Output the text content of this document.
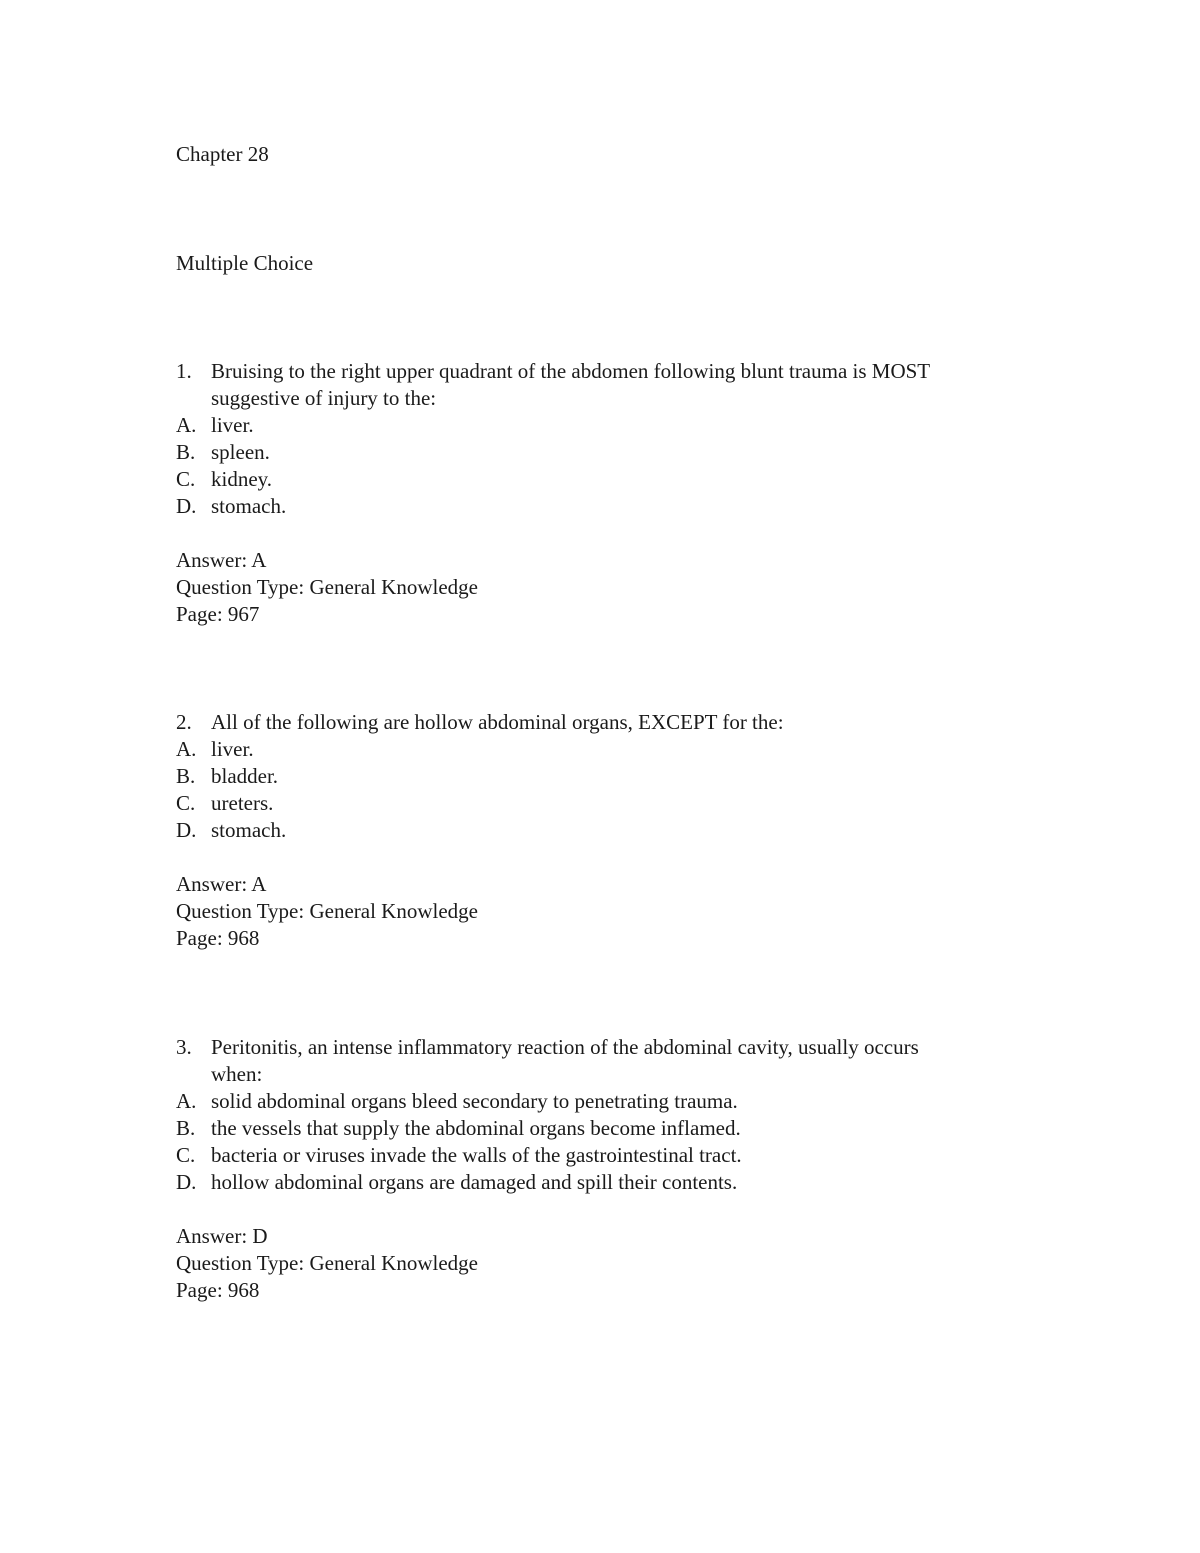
Chapter 28
Multiple Choice
1. Bruising to the right upper quadrant of the abdomen following blunt trauma is MOST
suggestive of injury to the:
A. liver.
B. spleen.
C. kidney.
D. stomach.
Answer: A
Question Type: General Knowledge
Page: 967
2. All of the following are hollow abdominal organs, EXCEPT for the:
A. liver.
B. bladder.
C. ureters.
D. stomach.
Answer: A
Question Type: General Knowledge
Page: 968
3. Peritonitis, an intense inflammatory reaction of the abdominal cavity, usually occurs
when:
A. solid abdominal organs bleed secondary to penetrating trauma.
B. the vessels that supply the abdominal organs become inflamed.
C. bacteria or viruses invade the walls of the gastrointestinal tract.
D. hollow abdominal organs are damaged and spill their contents.
Answer: D
Question Type: General Knowledge
Page: 968
